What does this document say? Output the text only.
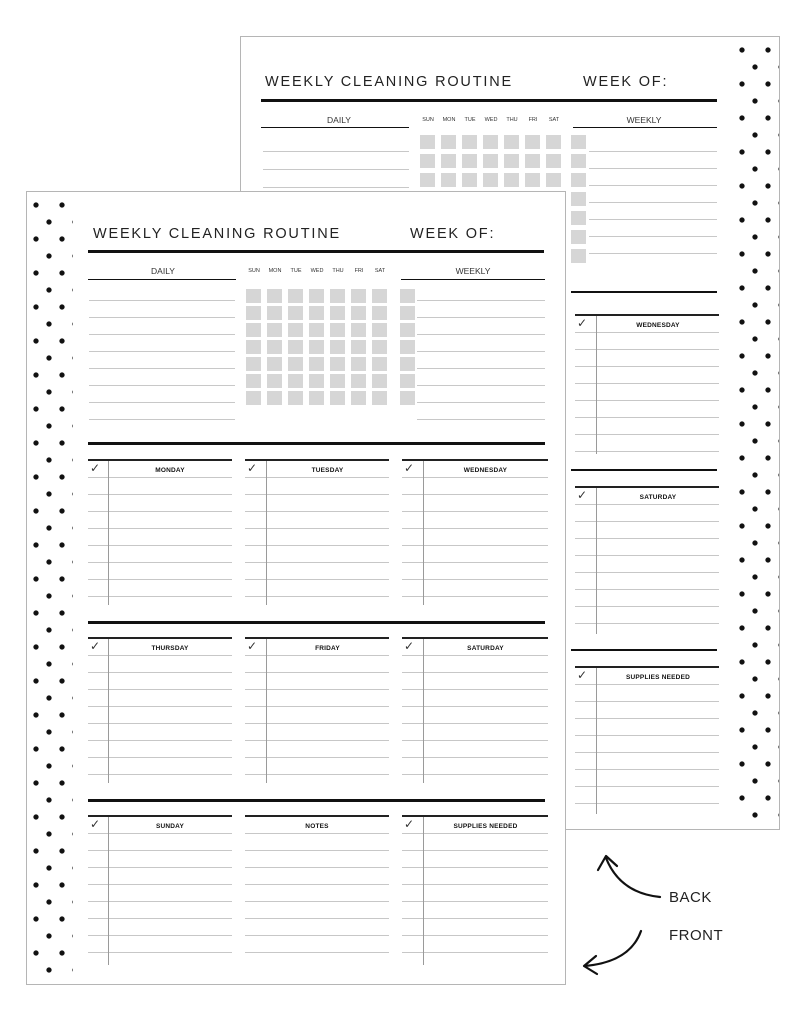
WEEKLY CLEANING ROUTINE	WEEK OF:
DAILY	SUN	MON	TUE	WED	THU	FRI	SAT	WEEKLY
✓	WEDNESDAY
✓	SATURDAY
✓	SUPPLIES NEEDED
WEEKLY CLEANING ROUTINE	WEEK OF:
DAILY	SUN	MON	TUE	WED	THU	FRI	SAT	WEEKLY
✓	MONDAY	✓	TUESDAY	✓	WEDNESDAY
✓	THURSDAY	✓	FRIDAY	✓	SATURDAY
✓	SUNDAY	NOTES	✓	SUPPLIES NEEDED
BACK
FRONT
